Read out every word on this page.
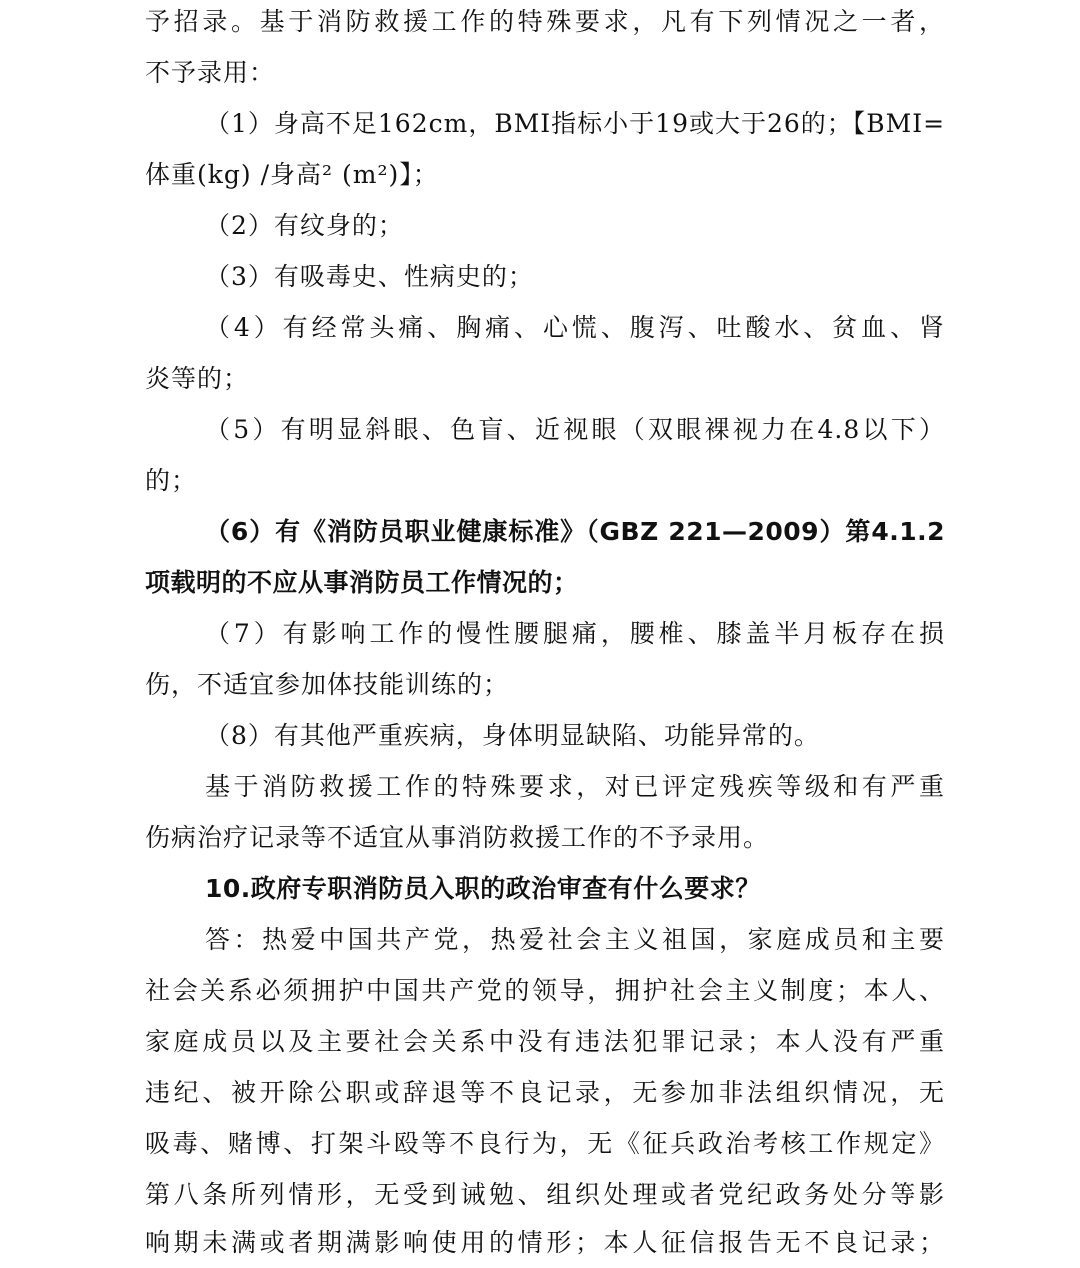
予招录。基于消防救援工作的特殊要求，凡有下列情况之一者，
不予录用：
（1）身高不足162cm，BMI指标小于19或大于26的；【BMI=
体重(kg) /身高² (m²)】；
（2）有纹身的；
（3）有吸毒史、性病史的；
（4）有经常头痛、胸痛、心慌、腹泻、吐酸水、贫血、肾
炎等的；
（5）有明显斜眼、色盲、近视眼（双眼裸视力在4.8以下）
的；
（6）有《消防员职业健康标准》（GBZ 221—2009）第4.1.2
项载明的不应从事消防员工作情况的；
（7）有影响工作的慢性腰腿痛，腰椎、膝盖半月板存在损
伤，不适宜参加体技能训练的；
（8）有其他严重疾病，身体明显缺陷、功能异常的。
基于消防救援工作的特殊要求，对已评定残疾等级和有严重
伤病治疗记录等不适宜从事消防救援工作的不予录用。
10.政府专职消防员入职的政治审查有什么要求？
答：热爱中国共产党，热爱社会主义祖国，家庭成员和主要
社会关系必须拥护中国共产党的领导，拥护社会主义制度；本人、
家庭成员以及主要社会关系中没有违法犯罪记录；本人没有严重
违纪、被开除公职或辞退等不良记录，无参加非法组织情况，无
吸毒、赌博、打架斗殴等不良行为，无《征兵政治考核工作规定》
第八条所列情形，无受到诫勉、组织处理或者党纪政务处分等影
响期未满或者期满影响使用的情形；本人征信报告无不良记录；
